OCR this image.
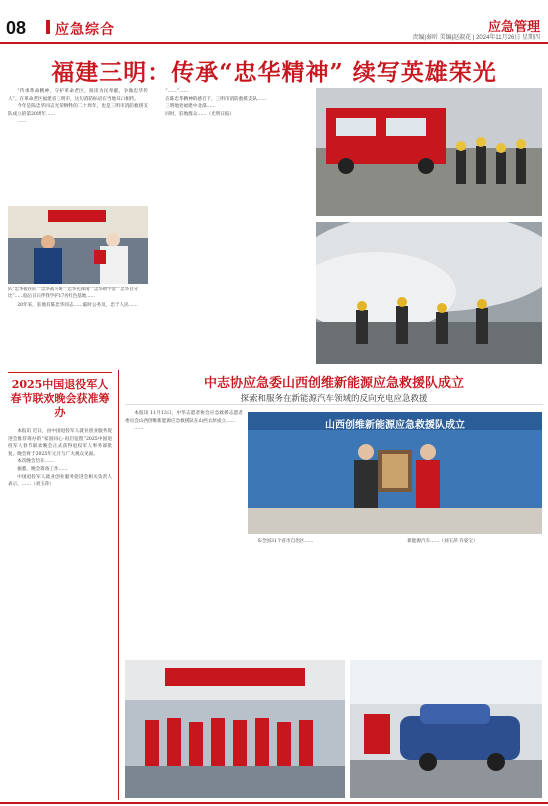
08 应急综合	应急管理
责编|秦昕 美编|赵淑花 | 2024年11月26日 星期四
福建三明：传承“忠华精神” 续写英雄荣光

“传承革命精神，守护革命老区，阅读为民奉献，争做忠华传人”。在革命老区福建省三明市，这句消防标语在当地耳口相传。

今年是陈忠华同志光荣牺牲的二十周年，也是三明市消防救援支队成立的第20周年……

……

队“忠华接茬队”“忠华战斗班”“忠华先锋岗”“忠华助学金”“忠华百分比”……临后日日伴我学护17名红色基地……

20年来，驻地有陈忠华同志……临时公务员，忠于人民……

“……”……

在陈忠华精神的感召下，三明市消防救援支队……

三明地处福建中北部……

同时，驻地群众……（光明日报）

2025中国退役军人春节联欢晚会获准筹办

本报讯 近日，由中国退役军人就业创业服务促进会推荐筹办的“家国同心·再启征程”2025中国退役军人春节联欢晚会正式获得退役军人事务部批复，晚会将于2025年元月与广大观众见面。

本次晚会旨在……

据悉，晚会筹备工作……

中国退役军人就业创业服务促进会相关负责人表示，……（刘玉萍）

中志协应急委山西创维新能源应急救援队成立
探索和服务在新能源汽车领域的反向充电应急救援

本报讯 11月13日，中华志愿者协会应急救援志愿者委员会山西创维新能源应急救援队在山西太原成立……

……	山西创维新能源应急救援队成立

布全国31个省市自治区……	新能源汽车……（刘玉萍 许姿宝）
